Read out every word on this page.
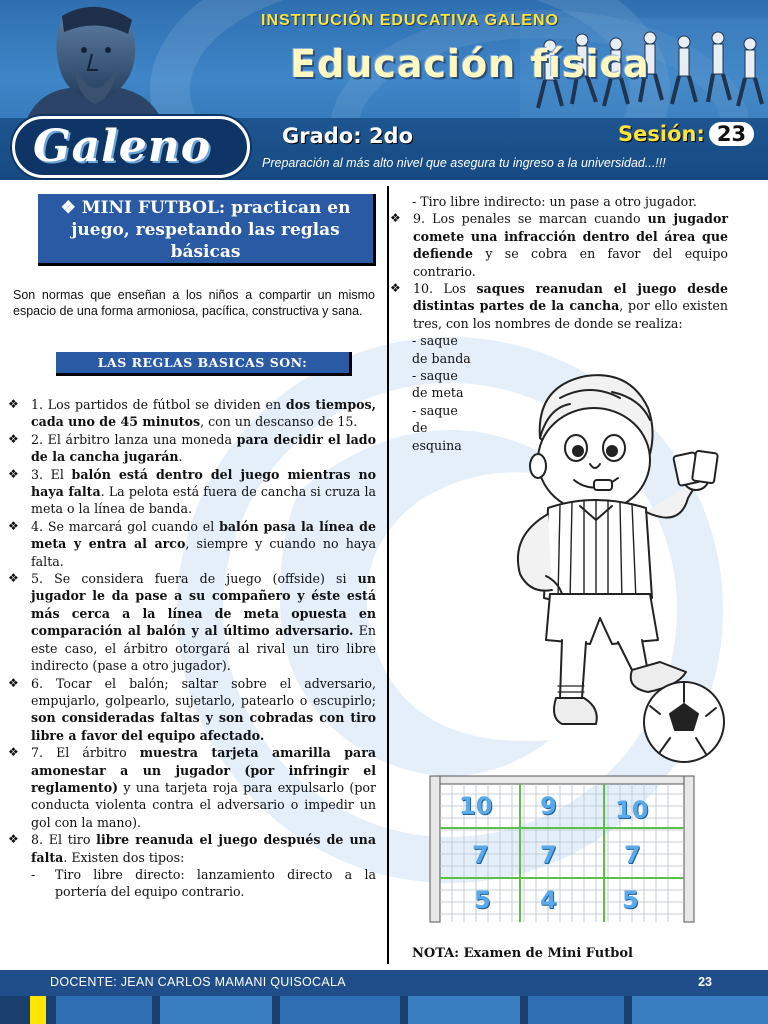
INSTITUCIÓN EDUCATIVA GALENO
Educación física
Galeno	Grado: 2do	Sesión: 23
Preparación al más alto nivel que asegura tu ingreso a la universidad...!!!

❖ MINI FUTBOL: practican en

juego, respetando las reglas

básicas

Son normas que enseñan a los niños a compartir un mismo espacio de una forma armoniosa, pacífica, constructiva y sana.
LAS REGLAS BASICAS SON:
❖ 1. Los partidos de fútbol se dividen en dos tiempos, cada uno de 45 minutos, con un descanso de 15.
❖ 2. El árbitro lanza una moneda para decidir el lado de la cancha jugarán.
❖ 3. El balón está dentro del juego mientras no haya falta. La pelota está fuera de cancha si cruza la meta o la línea de banda.
❖ 4. Se marcará gol cuando el balón pasa la línea de meta y entra al arco, siempre y cuando no haya falta.
❖ 5. Se considera fuera de juego (offside) si un jugador le da pase a su compañero y éste está más cerca a la línea de meta opuesta en comparación al balón y al último adversario. En este caso, el árbitro otorgará al rival un tiro libre indirecto (pase a otro jugador).
❖ 6. Tocar el balón; saltar sobre el adversario, empujarlo, golpearlo, sujetarlo, patearlo o escupirlo; son consideradas faltas y son cobradas con tiro libre a favor del equipo afectado.
❖ 7. El árbitro muestra tarjeta amarilla para amonestar a un jugador (por infringir el reglamento) y una tarjeta roja para expulsarlo (por conducta violenta contra el adversario o impedir un gol con la mano).
❖ 8. El tiro libre reanuda el juego después de una falta. Existen dos tipos:
- Tiro libre directo: lanzamiento directo a la portería del equipo contrario.
- Tiro libre indirecto: un pase a otro jugador.
❖ 9. Los penales se marcan cuando un jugador comete una infracción dentro del área que defiende y se cobra en favor del equipo contrario.
❖ 10. Los saques reanudan el juego desde distintas partes de la cancha, por ello existen tres, con los nombres de donde se realiza:
- saque de banda
- saque de meta
- saque de esquina
10 9 10
7 7	7
5 4	5
NOTA: Examen de Mini Futbol
DOCENTE: JEAN CARLOS MAMANI QUISOCALA	23
